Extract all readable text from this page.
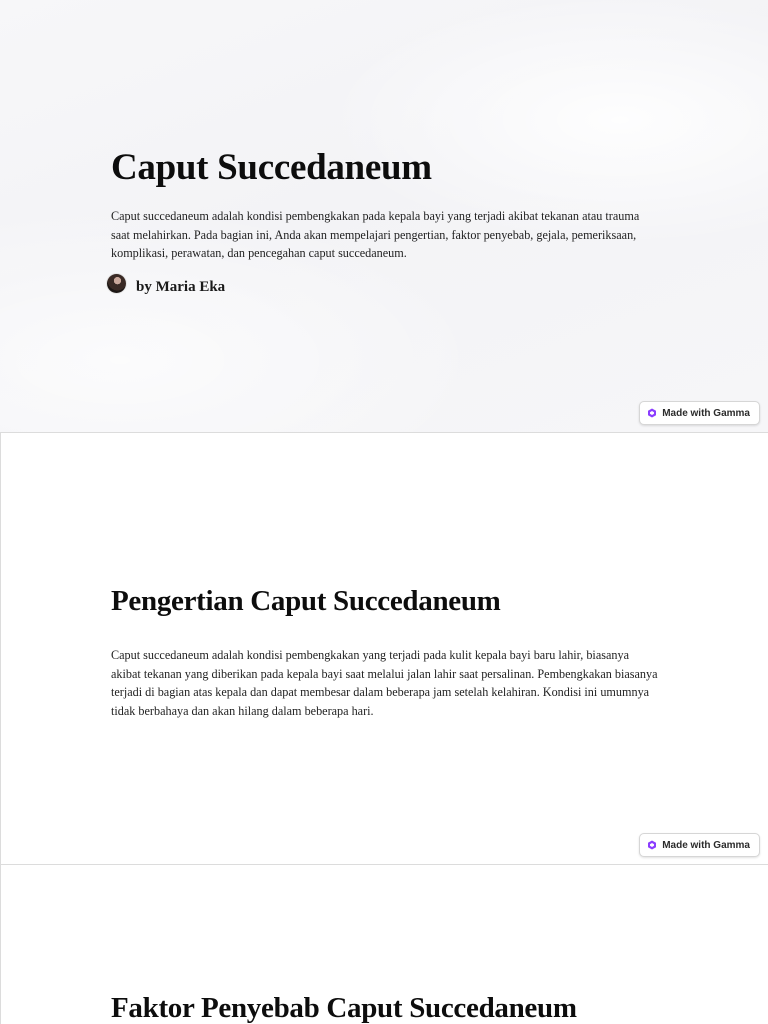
Caput Succedaneum

Caput succedaneum adalah kondisi pembengkakan pada kepala bayi yang terjadi akibat tekanan atau trauma saat melahirkan. Pada bagian ini, Anda akan mempelajari pengertian, faktor penyebab, gejala, pemeriksaan, komplikasi, perawatan, dan pencegahan caput succedaneum.

by Maria Eka
Made with Gamma
Pengertian Caput Succedaneum

Caput succedaneum adalah kondisi pembengkakan yang terjadi pada kulit kepala bayi baru lahir, biasanya akibat tekanan yang diberikan pada kepala bayi saat melalui jalan lahir saat persalinan. Pembengkakan biasanya terjadi di bagian atas kepala dan dapat membesar dalam beberapa jam setelah kelahiran. Kondisi ini umumnya tidak berbahaya dan akan hilang dalam beberapa hari.

Made with Gamma
Faktor Penyebab Caput Succedaneum
